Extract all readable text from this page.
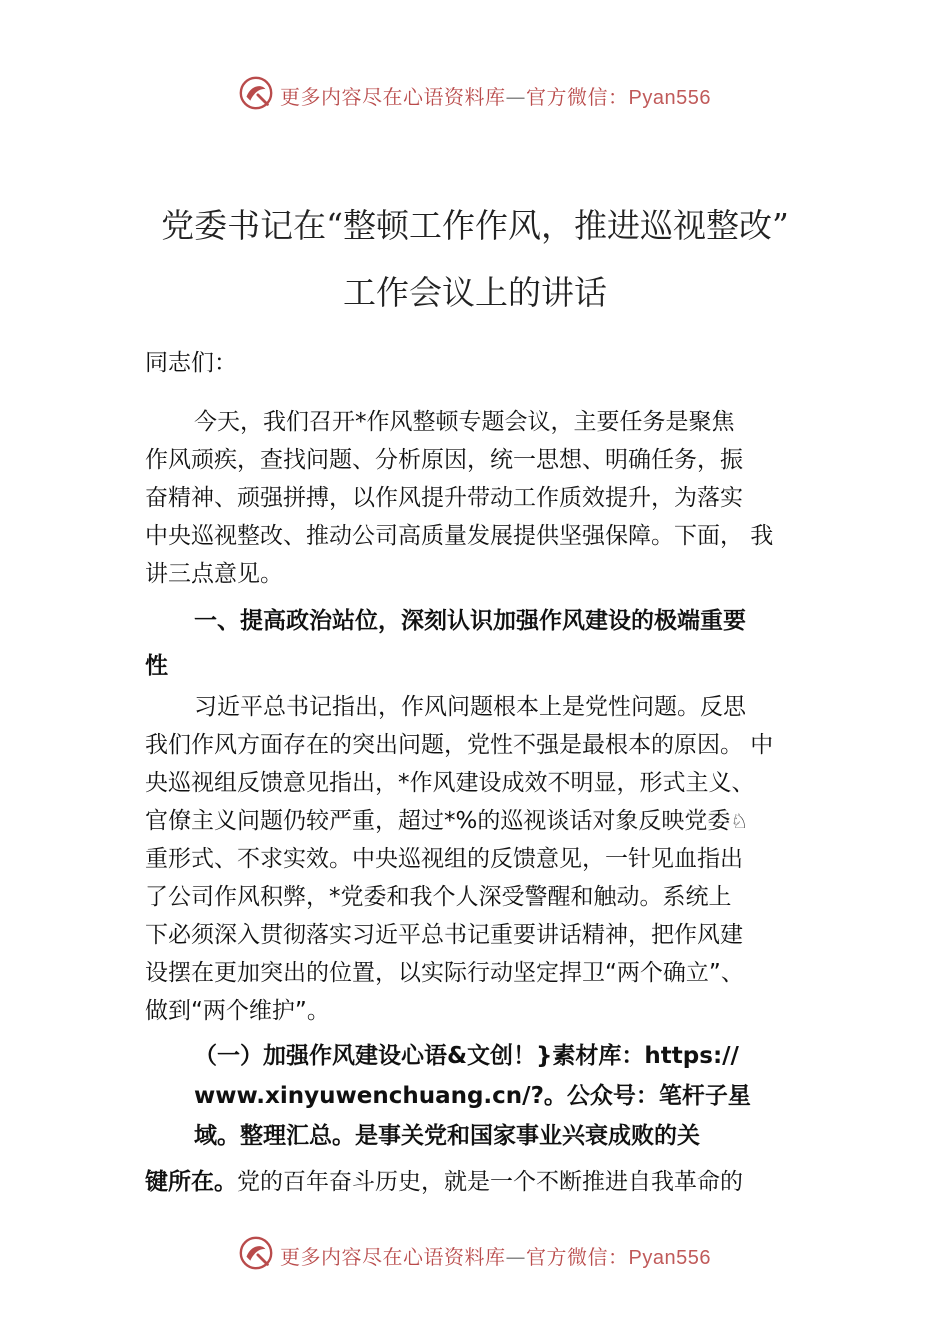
更多内容尽在心语资料库—官方微信：Pyan556
党委书记在“整顿工作作风，推进巡视整改”
工作会议上的讲话
同志们：
今天，我们召开*作风整顿专题会议，主要任务是聚焦
作风顽疾，查找问题、分析原因，统一思想、明确任务，振
奋精神、顽强拼搏，以作风提升带动工作质效提升，为落实
中央巡视整改、推动公司高质量发展提供坚强保障。下面， 我
讲三点意见。
一、提高政治站位，深刻认识加强作风建设的极端重要
性
习近平总书记指出，作风问题根本上是党性问题。反思
我们作风方面存在的突出问题，党性不强是最根本的原因。 中
央巡视组反馈意见指出，*作风建设成效不明显，形式主义、
官僚主义问题仍较严重，超过*%的巡视谈话对象反映党委♘
重形式、不求实效。中央巡视组的反馈意见，一针见血指出
了公司作风积弊，*党委和我个人深受警醒和触动。系统上
下必须深入贯彻落实习近平总书记重要讲话精神，把作风建
设摆在更加突出的位置，以实际行动坚定捍卫“两个确立”、
做到“两个维护”。
（一）加强作风建设心语&文创！}素材库：https://
www.xinyuwenchuang.cn/?。公众号：笔杆子星
域。整理汇总。是事关党和国家事业兴衰成败的关
键所在。党的百年奋斗历史，就是一个不断推进自我革命的
更多内容尽在心语资料库—官方微信：Pyan556
